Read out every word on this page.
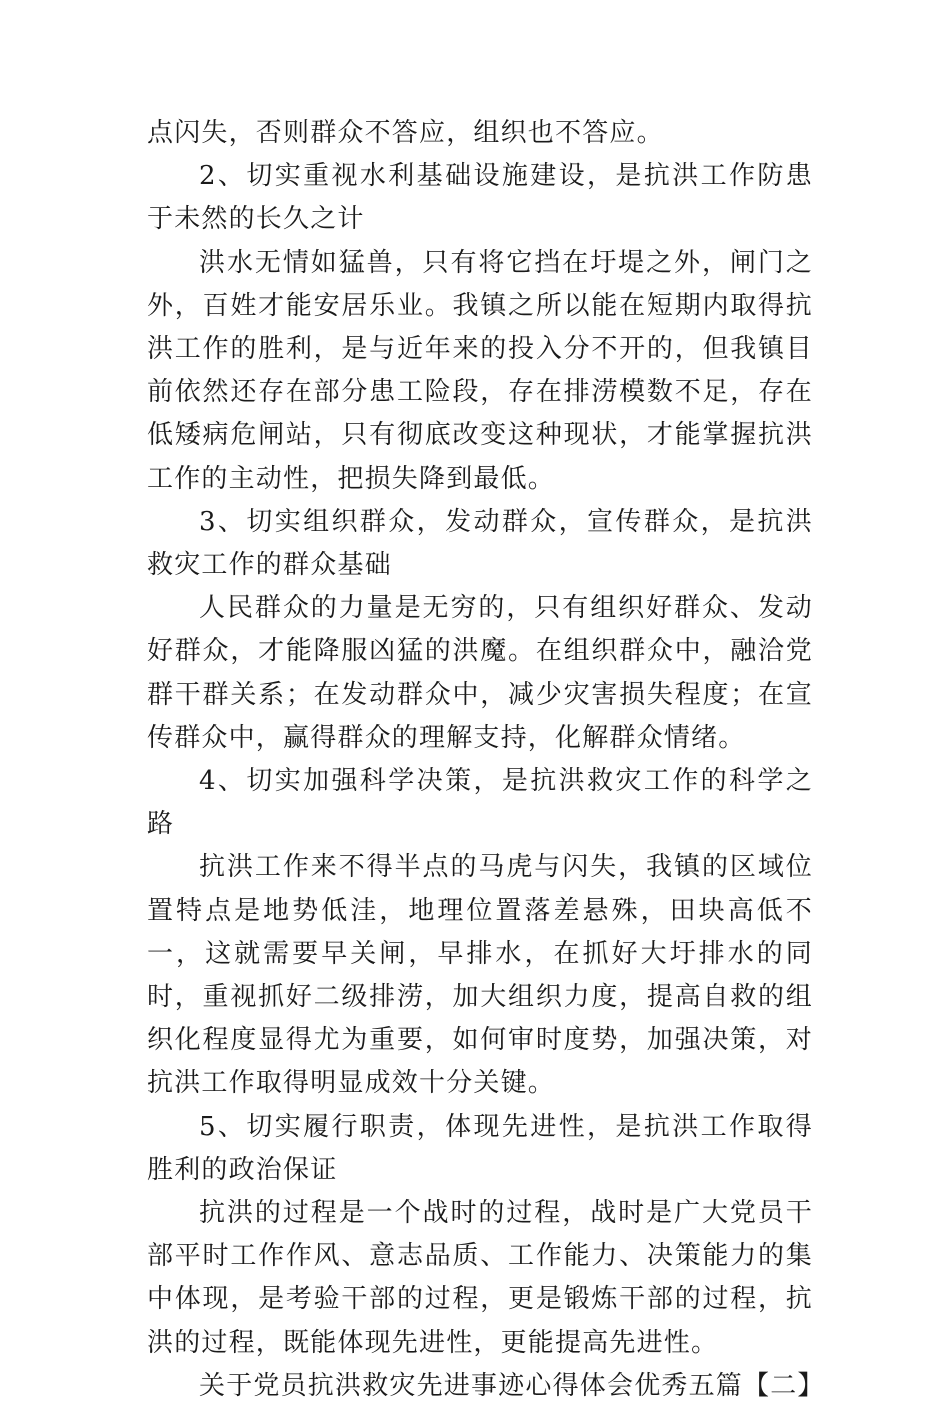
点闪失，否则群众不答应，组织也不答应。

2、切实重视水利基础设施建设，是抗洪工作防患于未然的长久之计

洪水无情如猛兽，只有将它挡在圩堤之外，闸门之外，百姓才能安居乐业。我镇之所以能在短期内取得抗洪工作的胜利，是与近年来的投入分不开的，但我镇目前依然还存在部分患工险段，存在排涝模数不足，存在低矮病危闸站，只有彻底改变这种现状，才能掌握抗洪工作的主动性，把损失降到最低。

3、切实组织群众，发动群众，宣传群众，是抗洪救灾工作的群众基础

人民群众的力量是无穷的，只有组织好群众、发动好群众，才能降服凶猛的洪魔。在组织群众中，融洽党群干群关系；在发动群众中，减少灾害损失程度；在宣传群众中，赢得群众的理解支持，化解群众情绪。

4、切实加强科学决策，是抗洪救灾工作的科学之路

抗洪工作来不得半点的马虎与闪失，我镇的区域位置特点是地势低洼，地理位置落差悬殊，田块高低不一，这就需要早关闸，早排水，在抓好大圩排水的同时，重视抓好二级排涝，加大组织力度，提高自救的组织化程度显得尤为重要，如何审时度势，加强决策，对抗洪工作取得明显成效十分关键。

5、切实履行职责，体现先进性，是抗洪工作取得胜利的政治保证

抗洪的过程是一个战时的过程，战时是广大党员干部平时工作作风、意志品质、工作能力、决策能力的集中体现，是考验干部的过程，更是锻炼干部的过程，抗洪的过程，既能体现先进性，更能提高先进性。

关于党员抗洪救灾先进事迹心得体会优秀五篇【二】
